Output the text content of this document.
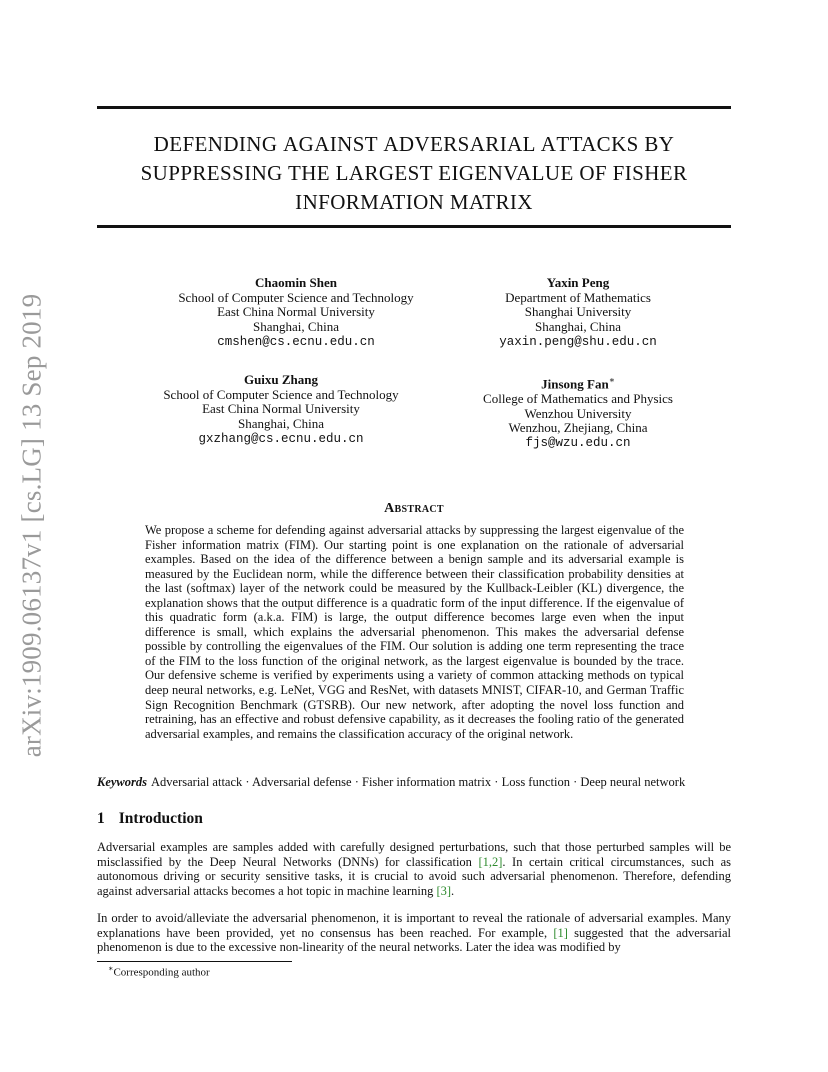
arXiv:1909.06137v1 [cs.LG] 13 Sep 2019
DEFENDING AGAINST ADVERSARIAL ATTACKS BY
SUPPRESSING THE LARGEST EIGENVALUE OF FISHER
INFORMATION MATRIX
Chaomin Shen
School of Computer Science and Technology
East China Normal University
Shanghai, China
cmshen@cs.ecnu.edu.cn
Yaxin Peng
Department of Mathematics
Shanghai University
Shanghai, China
yaxin.peng@shu.edu.cn
Guixu Zhang
School of Computer Science and Technology
East China Normal University
Shanghai, China
gxzhang@cs.ecnu.edu.cn
Jinsong Fan∗
College of Mathematics and Physics
Wenzhou University
Wenzhou, Zhejiang, China
fjs@wzu.edu.cn
Abstract

We propose a scheme for defending against adversarial attacks by suppressing the largest eigenvalue of the Fisher information matrix (FIM). Our starting point is one explanation on the rationale of adversarial examples. Based on the idea of the difference between a benign sample and its adversarial example is measured by the Euclidean norm, while the difference between their classification probability densities at the last (softmax) layer of the network could be measured by the Kullback-Leibler (KL) divergence, the explanation shows that the output difference is a quadratic form of the input difference. If the eigenvalue of this quadratic form (a.k.a. FIM) is large, the output difference becomes large even when the input difference is small, which explains the adversarial phenomenon. This makes the adversarial defense possible by controlling the eigenvalues of the FIM. Our solution is adding one term representing the trace of the FIM to the loss function of the original network, as the largest eigenvalue is bounded by the trace. Our defensive scheme is verified by experiments using a variety of common attacking methods on typical deep neural networks, e.g. LeNet, VGG and ResNet, with datasets MNIST, CIFAR-10, and German Traffic Sign Recognition Benchmark (GTSRB). Our new network, after adopting the novel loss function and retraining, has an effective and robust defensive capability, as it decreases the fooling ratio of the generated adversarial examples, and remains the classification accuracy of the original network.

Keywords Adversarial attack · Adversarial defense · Fisher information matrix · Loss function · Deep neural network
1 Introduction

Adversarial examples are samples added with carefully designed perturbations, such that those perturbed samples will be misclassified by the Deep Neural Networks (DNNs) for classification [1,2]. In certain critical circumstances, such as autonomous driving or security sensitive tasks, it is crucial to avoid such adversarial phenomenon. Therefore, defending against adversarial attacks becomes a hot topic in machine learning [3].

In order to avoid/alleviate the adversarial phenomenon, it is important to reveal the rationale of adversarial examples. Many explanations have been provided, yet no consensus has been reached. For example, [1] suggested that the adversarial phenomenon is due to the excessive non-linearity of the neural networks. Later the idea was modified by

∗Corresponding author
